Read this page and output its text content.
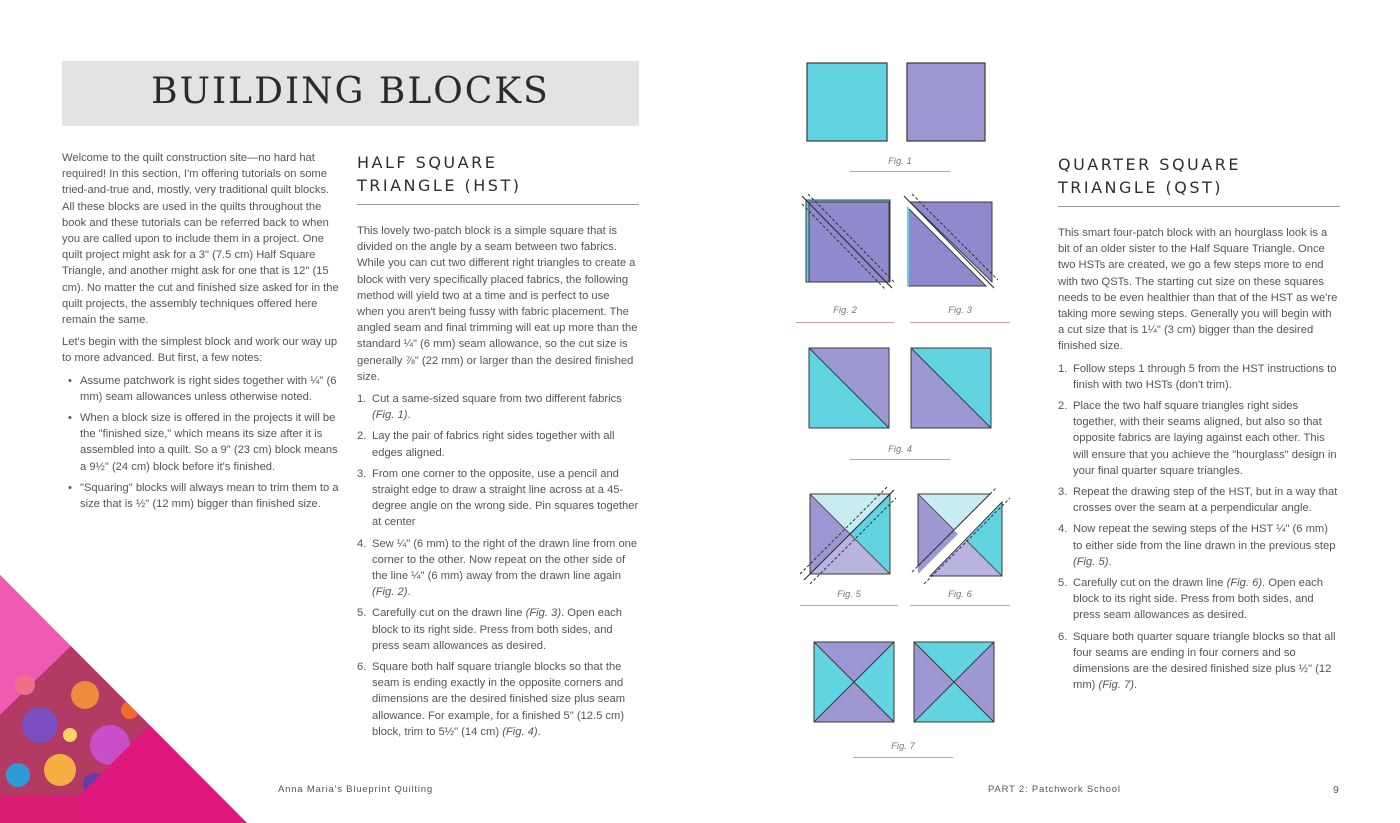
BUILDING BLOCKS

Welcome to the quilt construction site—no hard hat required! In this section, I'm offering tutorials on some tried-and-true and, mostly, very traditional quilt blocks. All these blocks are used in the quilts throughout the book and these tutorials can be referred back to when you are called upon to include them in a project. One quilt project might ask for a 3" (7.5 cm) Half Square Triangle, and another might ask for one that is 12" (15 cm). No matter the cut and finished size asked for in the quilt projects, the assembly techniques offered here remain the same.

Let's begin with the simplest block and work our way up to more advanced. But first, a few notes:

• Assume patchwork is right sides together with ¼" (6 mm) seam allowances unless otherwise noted.
• When a block size is offered in the projects it will be the "finished size," which means its size after it is assembled into a quilt. So a 9" (23 cm) block means a 9½" (24 cm) block before it's finished.
• "Squaring" blocks will always mean to trim them to a size that is ½" (12 mm) bigger than finished size.
HALF SQUARE
TRIANGLE (HST)

This lovely two-patch block is a simple square that is divided on the angle by a seam between two fabrics. While you can cut two different right triangles to create a block with very specifically placed fabrics, the following method will yield two at a time and is perfect to use when you aren't being fussy with fabric placement. The angled seam and final trimming will eat up more than the standard ¼" (6 mm) seam allowance, so the cut size is generally ⅞" (22 mm) or larger than the desired finished size.

1. Cut a same-sized square from two different fabrics (Fig. 1).
2. Lay the pair of fabrics right sides together with all edges aligned.
3. From one corner to the opposite, use a pencil and straight edge to draw a straight line across at a 45-degree angle on the wrong side. Pin squares together at center
4. Sew ¼" (6 mm) to the right of the drawn line from one corner to the other. Now repeat on the other side of the line ¼" (6 mm) away from the drawn line again (Fig. 2).
5. Carefully cut on the drawn line (Fig. 3). Open each block to its right side. Press from both sides, and press seam allowances as desired.
6. Square both half square triangle blocks so that the seam is ending exactly in the opposite corners and dimensions are the desired finished size plus seam allowance. For example, for a finished 5" (12.5 cm) block, trim to 5½" (14 cm) (Fig. 4).
Anna Maria's Blueprint Quilting
Fig. 1
Fig. 2	Fig. 3
Fig. 4
Fig. 5	Fig. 6
Fig. 7
QUARTER SQUARE
TRIANGLE (QST)

This smart four-patch block with an hourglass look is a bit of an older sister to the Half Square Triangle. Once two HSTs are created, we go a few steps more to end with two QSTs. The starting cut size on these squares needs to be even healthier than that of the HST as we're taking more sewing steps. Generally you will begin with a cut size that is 1¼" (3 cm) bigger than the desired finished size.

1. Follow steps 1 through 5 from the HST instructions to finish with two HSTs (don't trim).
2. Place the two half square triangles right sides together, with their seams aligned, but also so that opposite fabrics are laying against each other. This will ensure that you achieve the "hourglass" design in your final quarter square triangles.
3. Repeat the drawing step of the HST, but in a way that crosses over the seam at a perpendicular angle.
4. Now repeat the sewing steps of the HST ¼" (6 mm) to either side from the line drawn in the previous step (Fig. 5).
5. Carefully cut on the drawn line (Fig. 6). Open each block to its right side. Press from both sides, and press seam allowances as desired.
6. Square both quarter square triangle blocks so that all four seams are ending in four corners and so dimensions are the desired finished size plus ½" (12 mm) (Fig. 7).
PART 2: Patchwork School	9
